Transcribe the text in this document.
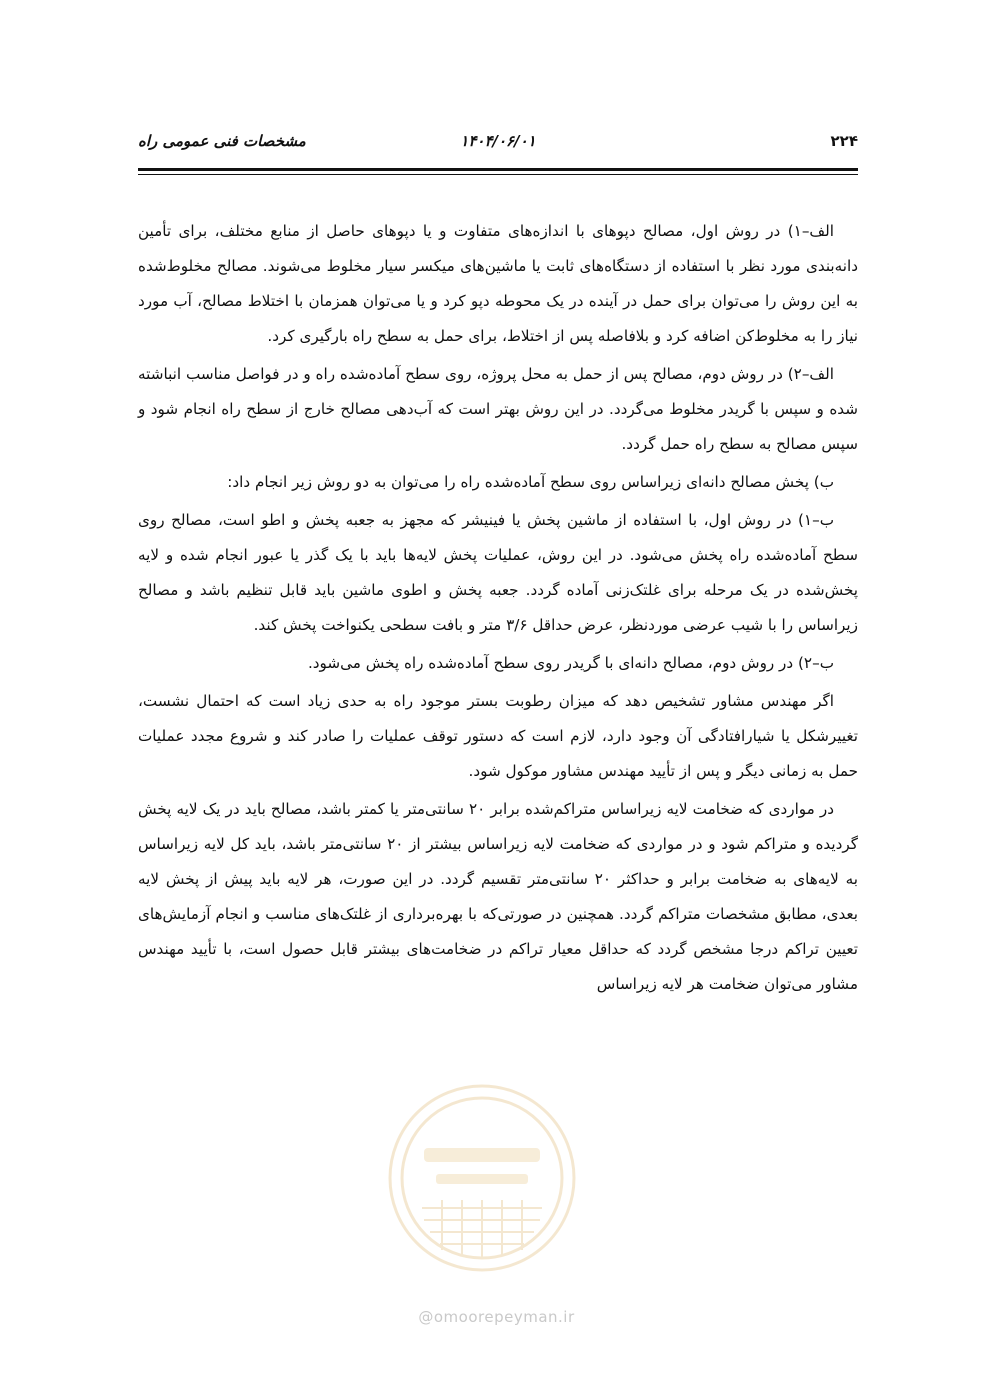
۲۲۴
۱۴۰۴/۰۶/۰۱
مشخصات فنی عمومی راه

الف–۱) در روش اول، مصالح دپوهای با اندازه‌های متفاوت و یا دپوهای حاصل از منابع مختلف، برای تأمین دانه‌بندی مورد نظر با استفاده از دستگاه‌های ثابت یا ماشین‌های میکسر سیار مخلوط می‌شوند. مصالح مخلوط‌شده به این روش را می‌توان برای حمل در آینده در یک محوطه دپو کرد و یا می‌توان همزمان با اختلاط مصالح، آب مورد نیاز را به مخلوط‌کن اضافه کرد و بلافاصله پس از اختلاط، برای حمل به سطح راه بارگیری کرد.

الف–۲) در روش دوم، مصالح پس از حمل به محل پروژه، روی سطح آماده‌شده راه و در فواصل مناسب انباشته شده و سپس با گریدر مخلوط می‌گردد. در این روش بهتر است که آب‌دهی مصالح خارج از سطح راه انجام شود و سپس مصالح به سطح راه حمل گردد.

ب) پخش مصالح دانه‌ای زیراساس روی سطح آماده‌شده راه را می‌توان به دو روش زیر انجام داد:

ب–۱) در روش اول، با استفاده از ماشین پخش یا فینیشر که مجهز به جعبه پخش و اطو است، مصالح روی سطح آماده‌شده راه پخش می‌شود. در این روش، عملیات پخش لایه‌ها باید با یک گذر یا عبور انجام شده و لایه پخش‌شده در یک مرحله برای غلتک‌زنی آماده گردد. جعبه پخش و اطوی ماشین باید قابل تنظیم باشد و مصالح زیراساس را با شیب عرضی موردنظر، عرض حداقل ۳/۶ متر و بافت سطحی یکنواخت پخش کند.

ب–۲) در روش دوم، مصالح دانه‌ای با گریدر روی سطح آماده‌شده راه پخش می‌شود.

اگر مهندس مشاور تشخیص دهد که میزان رطوبت بستر موجود راه به حدی زیاد است که احتمال نشست، تغییرشکل یا شیارافتادگی آن وجود دارد، لازم است که دستور توقف عملیات را صادر کند و شروع مجدد عملیات حمل به زمانی دیگر و پس از تأیید مهندس مشاور موکول شود.

در مواردی که ضخامت لایه زیراساس متراکم‌شده برابر ۲۰ سانتی‌متر یا کمتر باشد، مصالح باید در یک لایه پخش گردیده و متراکم شود و در مواردی که ضخامت لایه زیراساس بیشتر از ۲۰ سانتی‌متر باشد، باید کل لایه زیراساس به لایه‌های به ضخامت برابر و حداکثر ۲۰ سانتی‌متر تقسیم گردد. در این صورت، هر لایه باید پیش از پخش لایه بعدی، مطابق مشخصات متراکم گردد. همچنین در صورتی‌که با بهره‌برداری از غلتک‌های مناسب و انجام آزمایش‌های تعیین تراکم درجا مشخص گردد که حداقل معیار تراکم در ضخامت‌های بیشتر قابل حصول است، با تأیید مهندس مشاور می‌توان ضخامت هر لایه زیراساس

@omoorepeyman.ir
